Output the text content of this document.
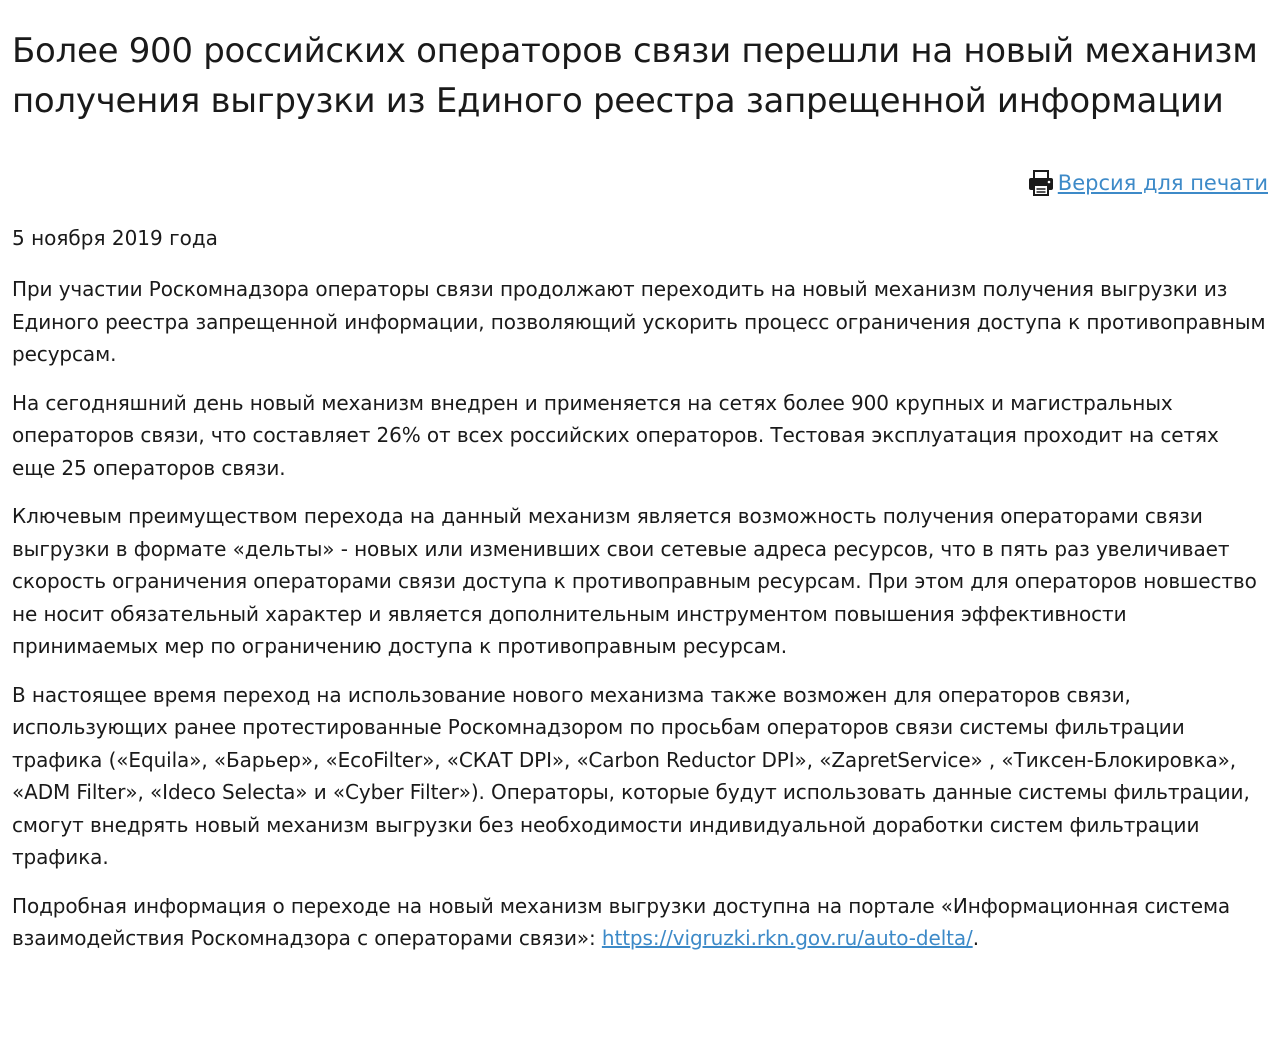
Более 900 российских операторов связи перешли на новый механизм получения выгрузки из Единого реестра запрещенной информации
Версия для печати
5 ноября 2019 года

При участии Роскомнадзора операторы связи продолжают переходить на новый механизм получения выгрузки из Единого реестра запрещенной информации, позволяющий ускорить процесс ограничения доступа к противоправным ресурсам.

На сегодняшний день новый механизм внедрен и применяется на сетях более 900 крупных и магистральных операторов связи, что составляет 26% от всех российских операторов. Тестовая эксплуатация проходит на сетях еще 25 операторов связи.

Ключевым преимуществом перехода на данный механизм является возможность получения операторами связи выгрузки в формате «дельты» - новых или изменивших свои сетевые адреса ресурсов, что в пять раз увеличивает скорость ограничения операторами связи доступа к противоправным ресурсам. При этом для операторов новшество не носит обязательный характер и является дополнительным инструментом повышения эффективности принимаемых мер по ограничению доступа к противоправным ресурсам.

В настоящее время переход на использование нового механизма также возможен для операторов связи, использующих ранее протестированные Роскомнадзором по просьбам операторов связи системы фильтрации трафика («Equila», «Барьер», «EcoFilter», «СКАТ DPI», «Carbon Reductor DPI», «ZapretService» , «Тиксен-Блокировка», «ADM Filter», «Ideco Selecta» и «Cyber Filter»). Операторы, которые будут использовать данные системы фильтрации, смогут внедрять новый механизм выгрузки без необходимости индивидуальной доработки систем фильтрации трафика.

Подробная информация о переходе на новый механизм выгрузки доступна на портале «Информационная система взаимодействия Роскомнадзора с операторами связи»: https://vigruzki.rkn.gov.ru/auto-delta/.
